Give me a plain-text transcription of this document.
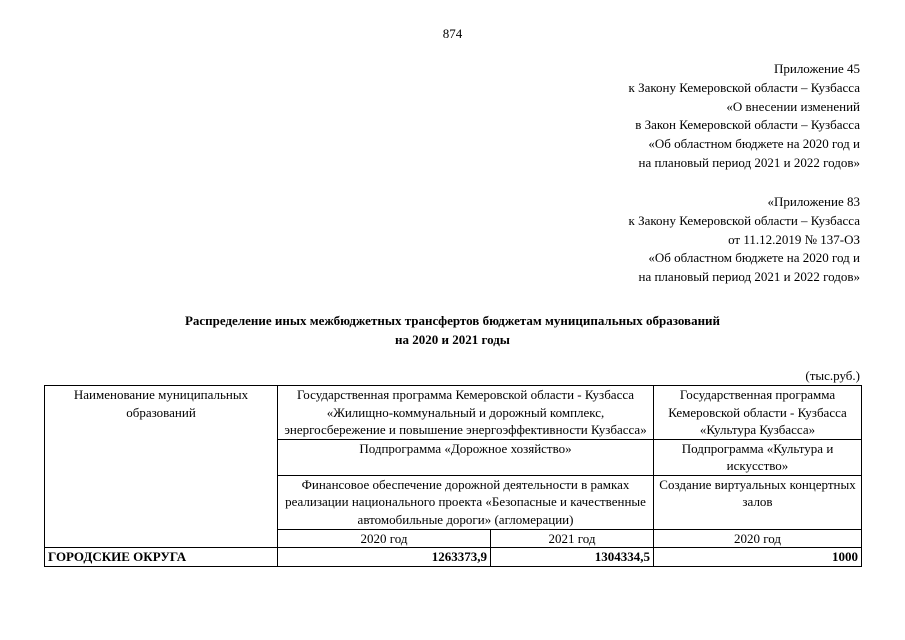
874
Приложение 45
к Закону Кемеровской области – Кузбасса
«О внесении изменений
в Закон Кемеровской области – Кузбасса
«Об областном бюджете на 2020 год и
на плановый период 2021 и 2022 годов»
«Приложение 83
к Закону Кемеровской области – Кузбасса
от 11.12.2019 № 137-ОЗ
«Об областном бюджете на 2020 год и
на плановый период 2021 и 2022 годов»
Распределение иных межбюджетных трансфертов бюджетам муниципальных образований
на 2020 и 2021 годы
(тыс.руб.)
Наименование муниципальных образований	Государственная программа Кемеровской области - Кузбасса «Жилищно-коммунальный и дорожный комплекс, энергосбережение и повышение энергоэффективности Кузбасса»		Государственная программа Кемеровской области - Кузбасса «Культура Кузбасса»
	Подпрограмма «Дорожное хозяйство»		Подпрограмма «Культура и искусство»
	Финансовое обеспечение дорожной деятельности в рамках реализации национального проекта «Безопасные и качественные автомобильные дороги» (агломерации)		Создание виртуальных концертных залов
	2020 год	2021 год	2020 год
ГОРОДСКИЕ ОКРУГА	1263373,9	1304334,5	1000
